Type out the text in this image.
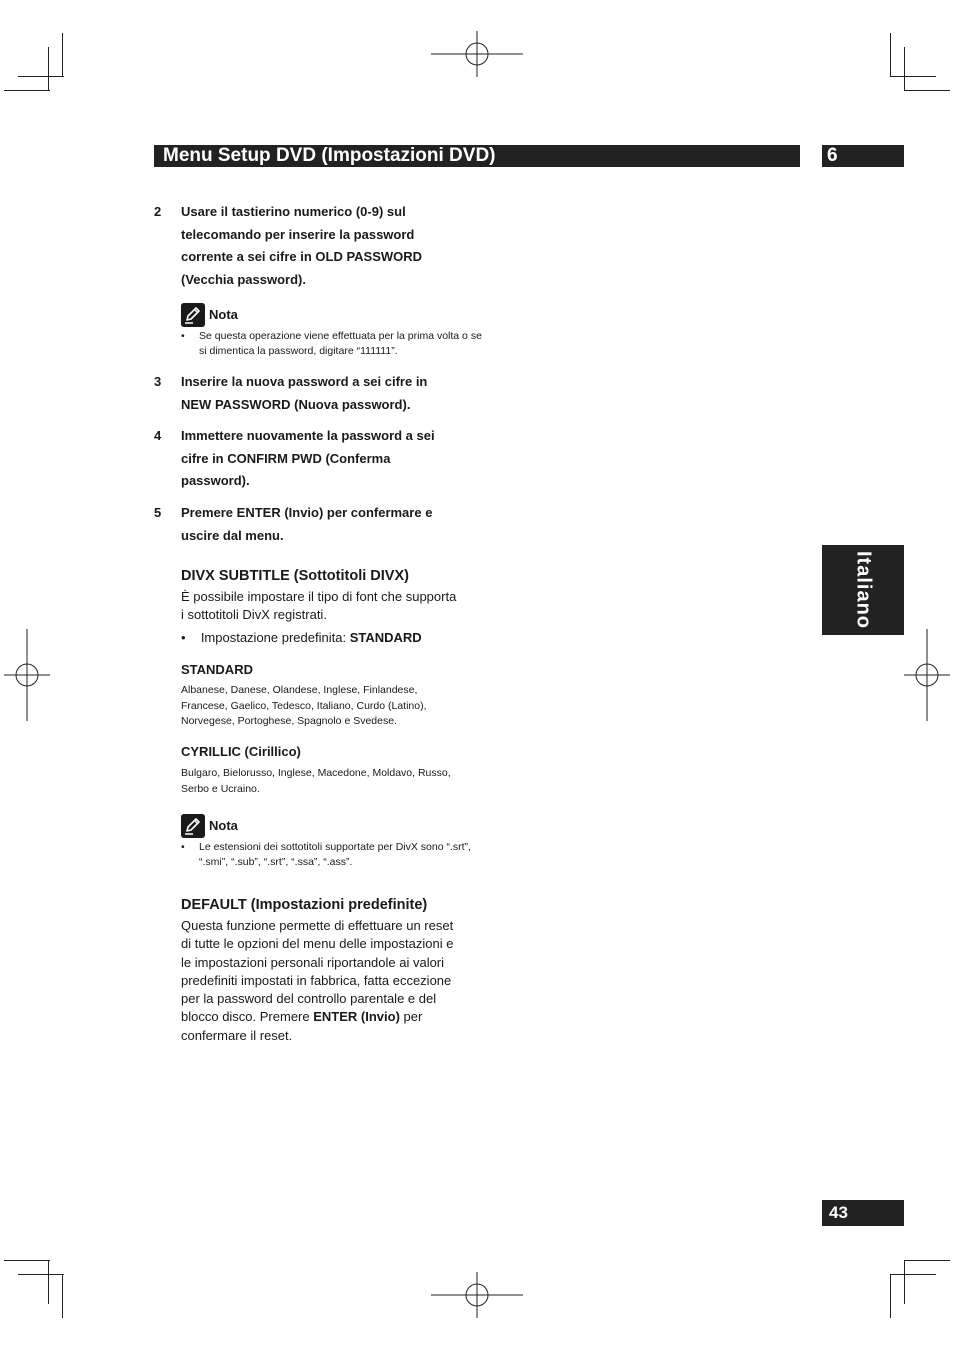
Menu Setup DVD (Impostazioni DVD)	6
Italiano
2 Usare il tastierino numerico (0-9) sul telecomando per inserire la password corrente a sei cifre in OLD PASSWORD (Vecchia password).
Nota
• Se questa operazione viene effettuata per la prima volta o se si dimentica la password, digitare “111111”.
3 Inserire la nuova password a sei cifre in NEW PASSWORD (Nuova password).
4 Immettere nuovamente la password a sei cifre in CONFIRM PWD (Conferma password).
5 Premere ENTER (Invio) per confermare e uscire dal menu.
DIVX SUBTITLE (Sottotitoli DIVX)
È possibile impostare il tipo di font che supporta i sottotitoli DivX registrati.
• Impostazione predefinita: STANDARD
STANDARD
Albanese, Danese, Olandese, Inglese, Finlandese, Francese, Gaelico, Tedesco, Italiano, Curdo (Latino), Norvegese, Portoghese, Spagnolo e Svedese.
CYRILLIC (Cirillico)
Bulgaro, Bielorusso, Inglese, Macedone, Moldavo, Russo, Serbo e Ucraino.
Nota
• Le estensioni dei sottotitoli supportate per DivX sono “.srt”, “.smi”, “.sub”, “.srt”, “.ssa”, “.ass”.
DEFAULT (Impostazioni predefinite)
Questa funzione permette di effettuare un reset di tutte le opzioni del menu delle impostazioni e le impostazioni personali riportandole ai valori predefiniti impostati in fabbrica, fatta eccezione per la password del controllo parentale e del blocco disco. Premere ENTER (Invio) per confermare il reset.
43
